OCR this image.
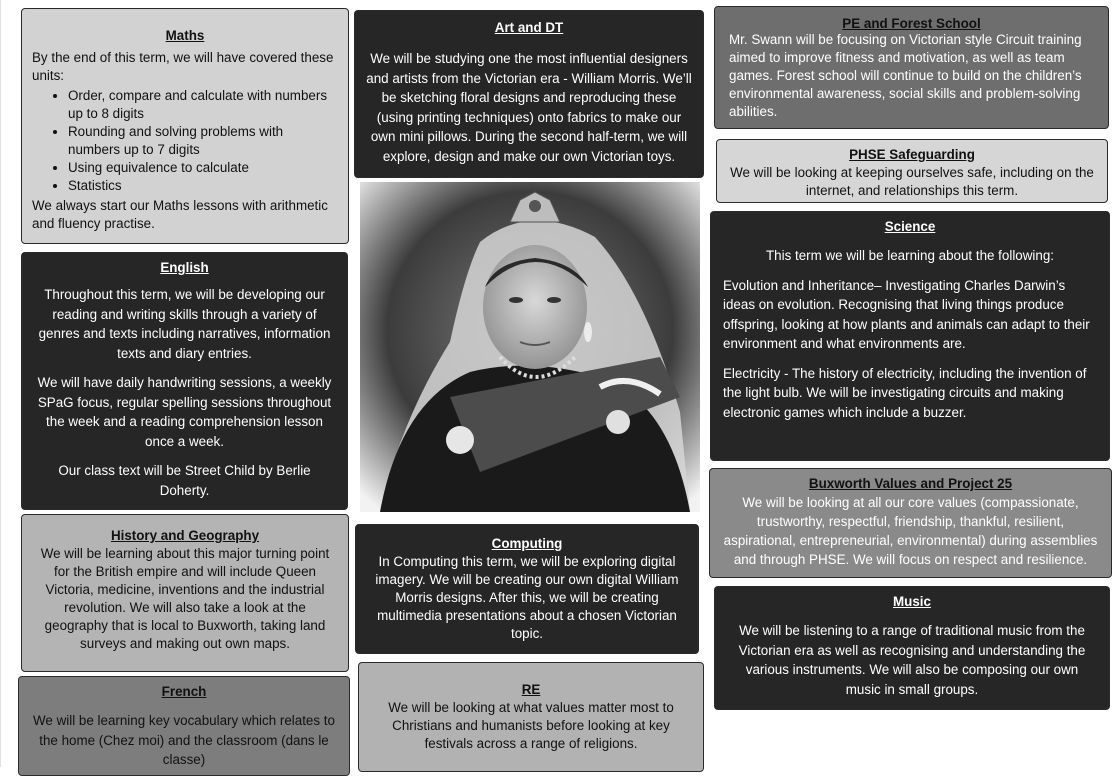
Maths
By the end of this term, we will have covered these units:
• Order, compare and calculate with numbers up to 8 digits
• Rounding and solving problems with numbers up to 7 digits
• Using equivalence to calculate
• Statistics
We always start our Maths lessons with arithmetic and fluency practise.
Art and DT
We will be studying one the most influential designers and artists from the Victorian era - William Morris. We’ll be sketching floral designs and reproducing these (using printing techniques) onto fabrics to make our own mini pillows. During the second half-term, we will explore, design and make our own Victorian toys.
PE and Forest School
Mr. Swann will be focusing on Victorian style Circuit training aimed to improve fitness and motivation, as well as team games. Forest school will continue to build on the children’s environmental awareness, social skills and problem-solving abilities.
PHSE Safeguarding
We will be looking at keeping ourselves safe, including on the internet, and relationships this term.
English

Throughout this term, we will be developing our reading and writing skills through a variety of genres and texts including narratives, information texts and diary entries.

We will have daily handwriting sessions, a weekly SPaG focus, regular spelling sessions throughout the week and a reading comprehension lesson once a week.

Our class text will be Street Child by Berlie Doherty.

Science

This term we will be learning about the following:

Evolution and Inheritance– Investigating Charles Darwin’s ideas on evolution. Recognising that living things produce offspring, looking at how plants and animals can adapt to their environment and what environments are.

Electricity - The history of electricity, including the invention of the light bulb. We will be investigating circuits and making electronic games which include a buzzer.

History and Geography
We will be learning about this major turning point for the British empire and will include Queen Victoria, medicine, inventions and the industrial revolution. We will also take a look at the geography that is local to Buxworth, taking land surveys and making out own maps.
Computing
In Computing this term, we will be exploring digital imagery. We will be creating our own digital William Morris designs. After this, we will be creating multimedia presentations about a chosen Victorian topic.
Buxworth Values and Project 25
We will be looking at all our core values (compassionate, trustworthy, respectful, friendship, thankful, resilient, aspirational, entrepreneurial, environmental) during assemblies and through PHSE. We will focus on respect and resilience.
Music
We will be listening to a range of traditional music from the Victorian era as well as recognising and understanding the various instruments. We will also be composing our own music in small groups.
French
We will be learning key vocabulary which relates to the home (Chez moi) and the classroom (dans le classe)
RE
We will be looking at what values matter most to Christians and humanists before looking at key festivals across a range of religions.
